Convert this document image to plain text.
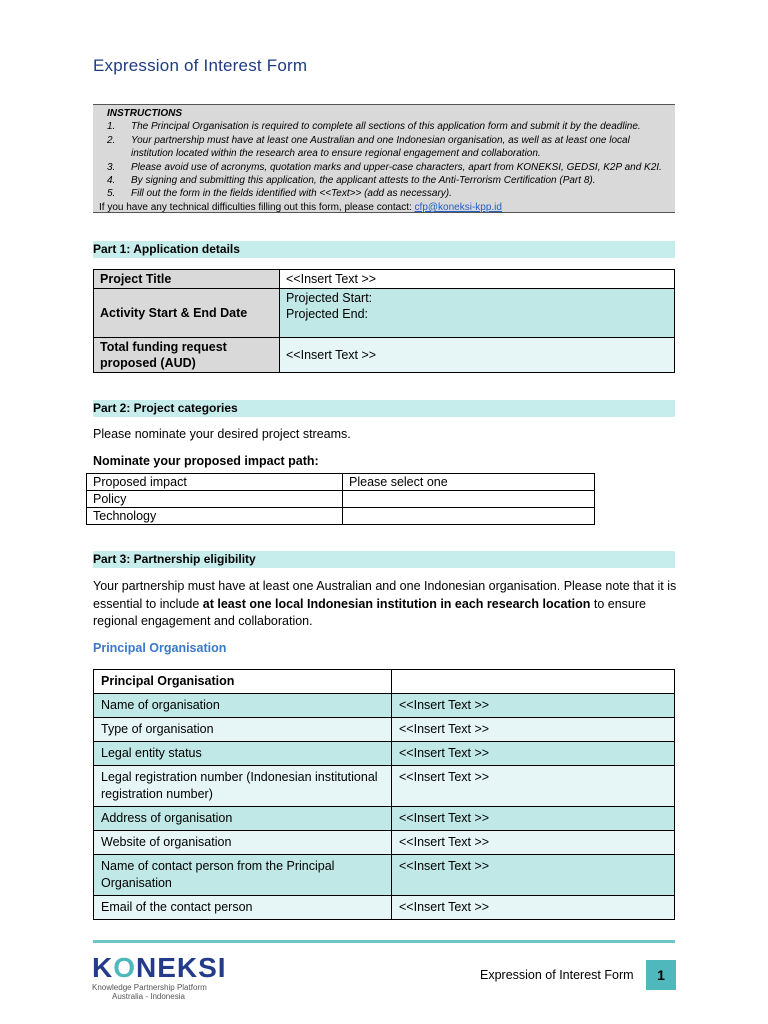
Expression of Interest Form
INSTRUCTIONS
1.	The Principal Organisation is required to complete all sections of this application form and submit it by the deadline.
2.	Your partnership must have at least one Australian and one Indonesian organisation, as well as at least one local institution located within the research area to ensure regional engagement and collaboration.
3.	Please avoid use of acronyms, quotation marks and upper-case characters, apart from KONEKSI, GEDSI, K2P and K2I.
4.	By signing and submitting this application, the applicant attests to the Anti-Terrorism Certification (Part 8).
5.	Fill out the form in the fields identified with <<Text>> (add as necessary).
If you have any technical difficulties filling out this form, please contact: cfp@koneksi-kpp.id
Part 1: Application details
Project Title	<<Insert Text >>
Activity Start & End Date	Projected Start:
Projected End:

Total funding request proposed (AUD)	<<Insert Text >>
Part 2: Project categories
Please nominate your desired project streams.
Nominate your proposed impact path:
Proposed impact	Please select one
Policy	
Technology	
Part 3: Partnership eligibility
Your partnership must have at least one Australian and one Indonesian organisation. Please note that it is essential to include at least one local Indonesian institution in each research location to ensure regional engagement and collaboration.
Principal Organisation
Principal Organisation	
Name of organisation	<<Insert Text >>
Type of organisation	<<Insert Text >>
Legal entity status	<<Insert Text >>
Legal registration number (Indonesian institutional registration number)	<<Insert Text >>
Address of organisation	<<Insert Text >>
Website of organisation	<<Insert Text >>
Name of contact person from the Principal Organisation	<<Insert Text >>
Email of the contact person	<<Insert Text >>
KONEKSI
Knowledge Partnership Platform
Australia - Indonesia
Expression of Interest Form	1
